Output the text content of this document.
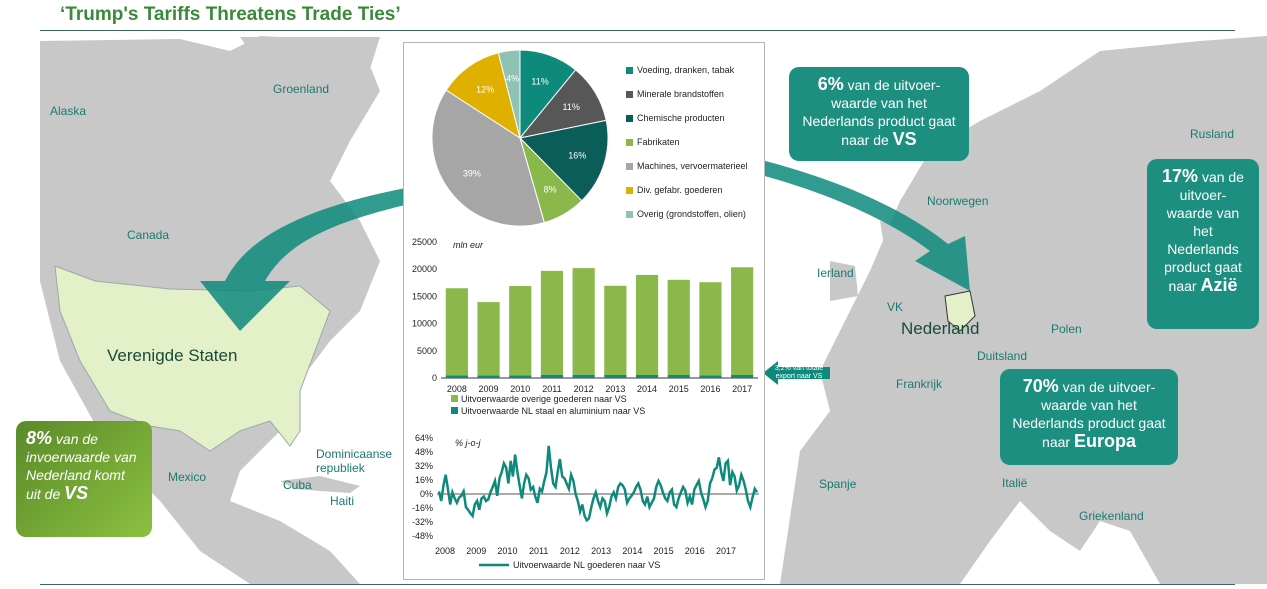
‘Trump's Tariffs Threatens Trade Ties’
Alaska
Groenland
Canada
Verenigde Staten
Mexico
Cuba
Haiti
Dominicaanse republiek
Rusland
Noorwegen
Ierland
VK
Nederland
Duitsland
Polen
Frankrijk
Spanje	Italië
Griekenland
6% van de uitvoer-waarde van het Nederlands product gaat naar de VS
17% van de uitvoer-waarde van het Nederlands product gaat naar Azië
70% van de uitvoer-waarde van het Nederlands product gaat naar Europa
8% van de invoerwaarde van Nederland komt uit de VS
11%
11%
16%
8%
39%
12%
4%
Voeding, dranken, tabak
Minerale brandstoffen
Chemische producten
Fabrikaten
Machines, vervoermaterieel
Div. gefabr. goederen
Overig (grondstoffen, olien)
0
5000
10000
15000
20000
25000 mln eur
2008 2009 2010 2011 2012 2013 2014 2015 2016 2017
Uitvoerwaarde overige goederen naar VS
Uitvoerwaarde NL staal en aluminium naar VS
64%
48%
32%
16%
0%
-16%
-32%
-48%
% j-o-j
2008 2009 2010 2011 2012 2013 2014 2015 2016 2017
Uitvoerwaarde NL goederen naar VS
3,2% van totale export naar VS
